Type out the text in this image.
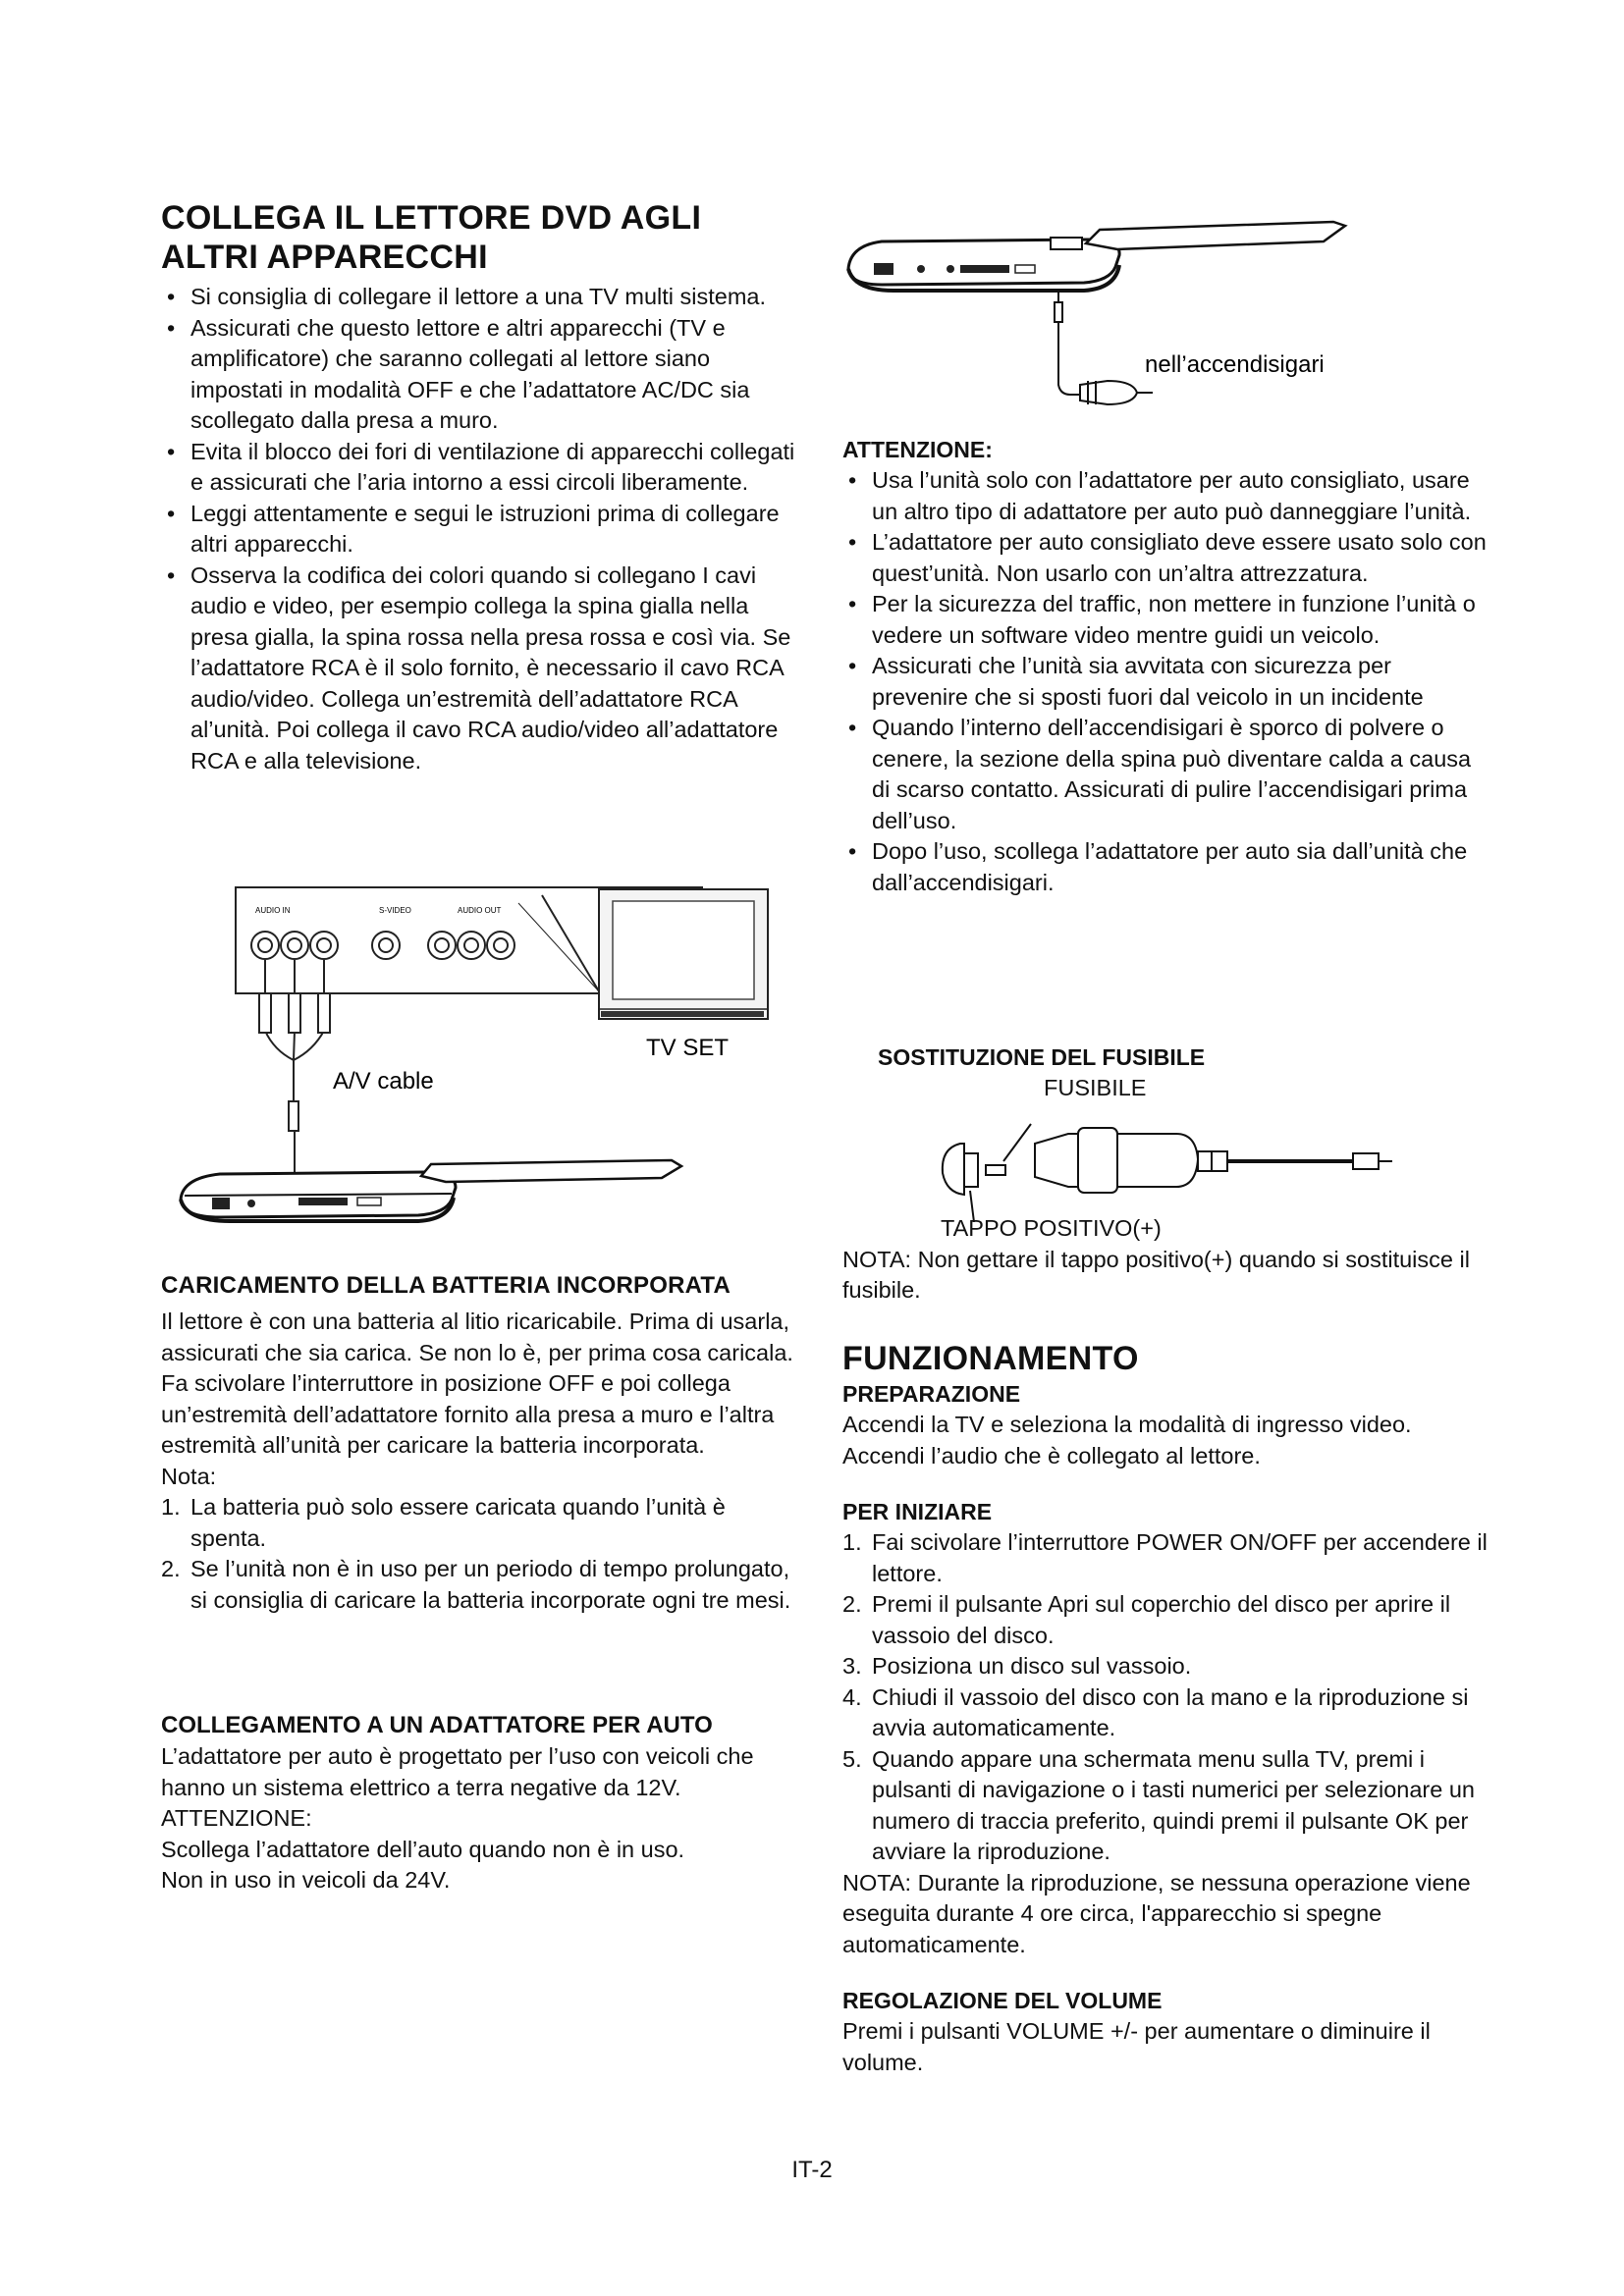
COLLEGA IL LETTORE DVD AGLI
ALTRI APPARECCHI
• Si consiglia di collegare il lettore a una TV multi sistema.
• Assicurati che questo lettore e altri apparecchi (TV e amplificatore) che saranno collegati al lettore siano impostati in modalità OFF e che l’adattatore AC/DC sia scollegato dalla presa a muro.
• Evita il blocco dei fori di ventilazione di apparecchi collegati e assicurati che l’aria intorno a essi circoli liberamente.
• Leggi attentamente e segui le istruzioni prima di collegare altri apparecchi.
• Osserva la codifica dei colori quando si collegano I cavi audio e video, per esempio collega la spina gialla nella presa gialla, la spina rossa nella presa rossa e così via. Se l’adattatore RCA è il solo fornito, è necessario il cavo RCA audio/video. Collega un’estremità dell’adattatore RCA al’unità. Poi collega il cavo RCA audio/video all’adattatore RCA e alla televisione.
AUDIO IN	S-VIDEO	AUDIO OUT
TV SET
A/V cable
CARICAMENTO DELLA BATTERIA INCORPORATA

Il lettore è con una batteria al litio ricaricabile. Prima di usarla, assicurati che sia carica. Se non lo è, per prima cosa caricala. Fa scivolare l’interruttore in posizione OFF e poi collega un’estremità dell’adattatore fornito alla presa a muro e l’altra estremità all’unità per caricare la batteria incorporata.

Nota:

1. La batteria può solo essere caricata quando l’unità è spenta.
2. Se l’unità non è in uso per un periodo di tempo prolungato, si consiglia di caricare la batteria incorporate ogni tre mesi.
COLLEGAMENTO A UN ADATTATORE PER AUTO

L’adattatore per auto è progettato per l’uso con veicoli che hanno un sistema elettrico a terra negative da 12V.

ATTENZIONE:

Scollega l’adattatore dell’auto quando non è in uso.

Non in uso in veicoli da 24V.

nell’accendisigari
ATTENZIONE:
• Usa l’unità solo con l’adattatore per auto consigliato, usare un altro tipo di adattatore per auto può danneggiare l’unità.
• L’adattatore per auto consigliato deve essere usato solo con quest’unità. Non usarlo con un’altra attrezzatura.
• Per la sicurezza del traffic, non mettere in funzione l’unità o vedere un software video mentre guidi un veicolo.
• Assicurati che l’unità sia avvitata con sicurezza per prevenire che si sposti fuori dal veicolo in un incidente
• Quando l’interno dell’accendisigari è sporco di polvere o cenere, la sezione della spina può diventare calda a causa di scarso contatto. Assicurati di pulire l’accendisigari prima dell’uso.
• Dopo l’uso, scollega l’adattatore per auto sia dall’unità che dall’accendisigari.
SOSTITUZIONE DEL FUSIBILE

FUSIBILE

TAPPO POSITIVO(+)

NOTA: Non gettare il tappo positivo(+) quando si sostituisce il fusibile.

FUNZIONAMENTO
PREPARAZIONE

Accendi la TV e seleziona la modalità di ingresso video.

Accendi l’audio che è collegato al lettore.

PER INIZIARE
1. Fai scivolare l’interruttore POWER ON/OFF per accendere il lettore.
2. Premi il pulsante Apri sul coperchio del disco per aprire il vassoio del disco.
3. Posiziona un disco sul vassoio.
4. Chiudi il vassoio del disco con la mano e la riproduzione si avvia automaticamente.
5. Quando appare una schermata menu sulla TV, premi i pulsanti di navigazione o i tasti numerici per selezionare un numero di traccia preferito, quindi premi il pulsante OK per avviare la riproduzione.

NOTA: Durante la riproduzione, se nessuna operazione viene eseguita durante 4 ore circa, l'apparecchio si spegne automaticamente.

REGOLAZIONE DEL VOLUME

Premi i pulsanti VOLUME +/- per aumentare o diminuire il volume.

IT-2
